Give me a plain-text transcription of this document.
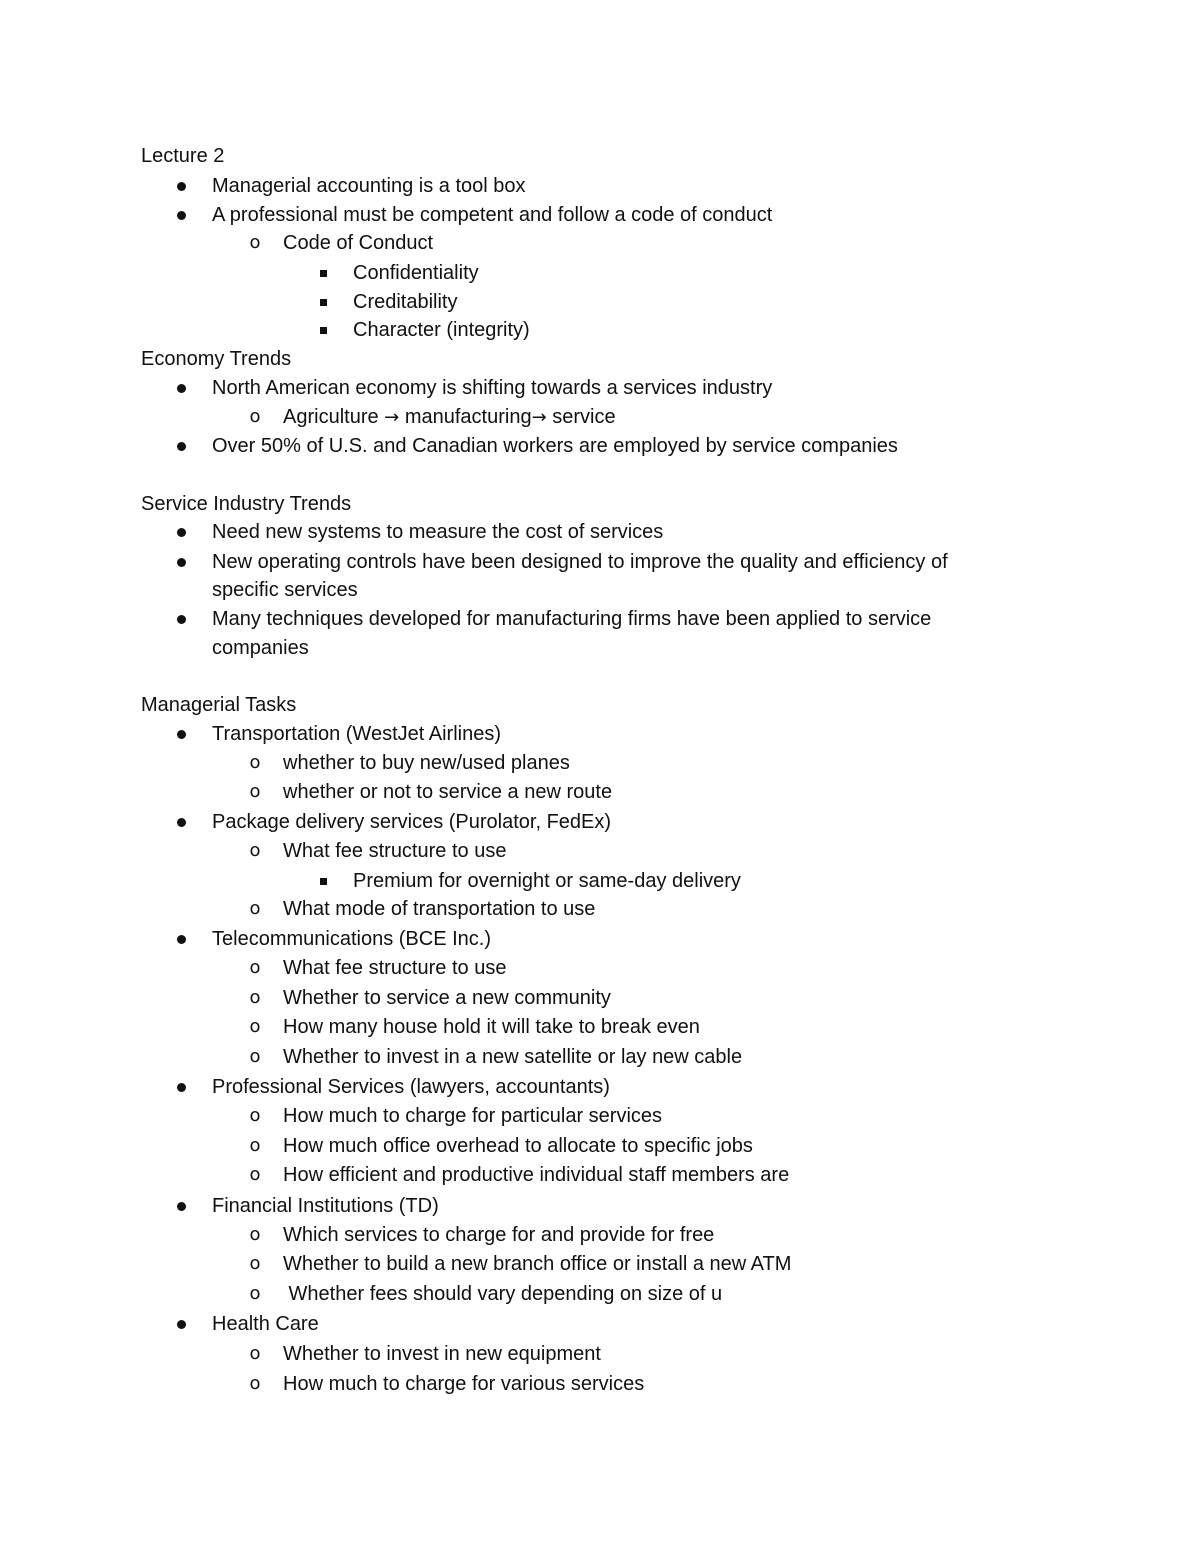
Lecture 2
Managerial accounting is a tool box
A professional must be competent and follow a code of conduct
o	Code of Conduct
Confidentiality
Creditability
Character (integrity)
Economy Trends
North American economy is shifting towards a services industry
o	Agriculture → manufacturing→ service
Over 50% of U.S. and Canadian workers are employed by service companies
Service Industry Trends
Need new systems to measure the cost of services
New operating controls have been designed to improve the quality and efficiency of
specific services
Many techniques developed for manufacturing firms have been applied to service
companies
Managerial Tasks
Transportation (WestJet Airlines)
o	whether to buy new/used planes
o	whether or not to service a new route
Package delivery services (Purolator, FedEx)
o	What fee structure to use
Premium for overnight or same-day delivery
o	What mode of transportation to use
Telecommunications (BCE Inc.)
o	What fee structure to use
o	Whether to service a new community
o	How many house hold it will take to break even
o	Whether to invest in a new satellite or lay new cable
Professional Services (lawyers, accountants)
o	How much to charge for particular services
o	How much office overhead to allocate to specific jobs
o	How efficient and productive individual staff members are
Financial Institutions (TD)
o	Which services to charge for and provide for free
o	Whether to build a new branch office or install a new ATM
o	Whether fees should vary depending on size of u
Health Care
o	Whether to invest in new equipment
o	How much to charge for various services
